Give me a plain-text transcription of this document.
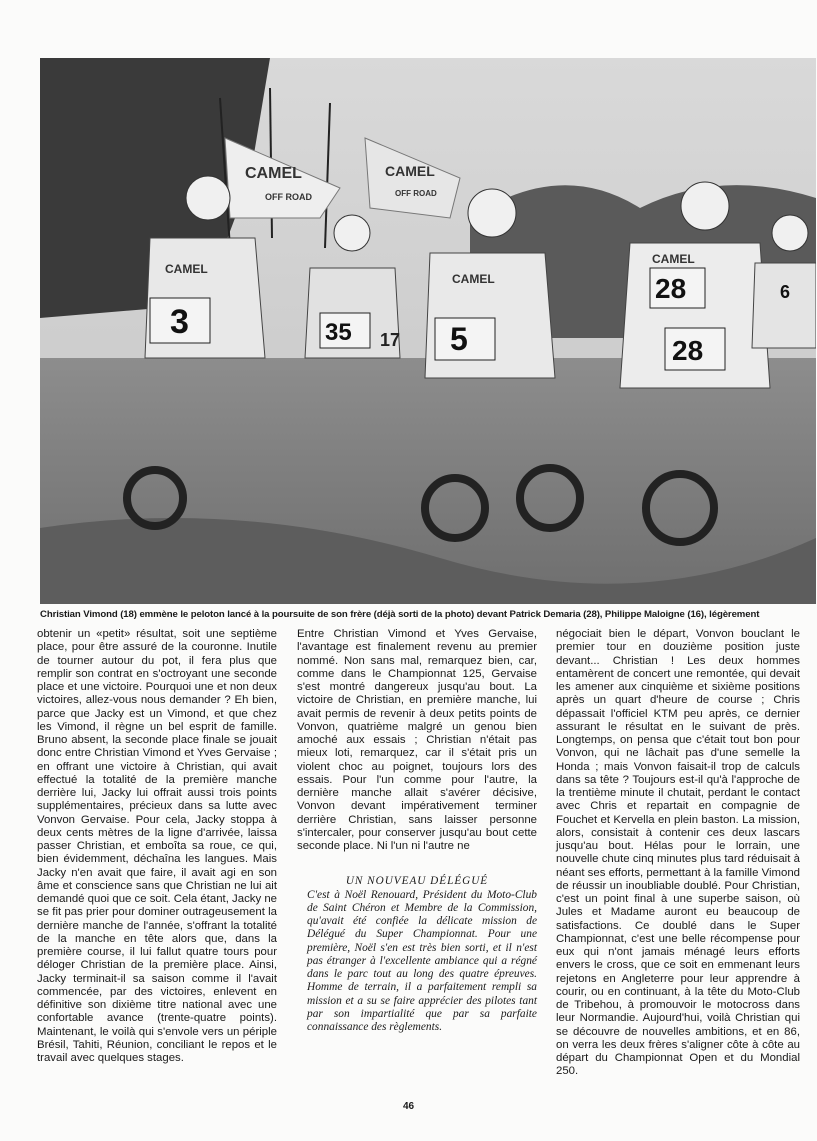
CAMEL
OFF ROAD
CAMEL
OFF ROAD
3	35 17 5
28
28
6
CAMEL
CAMEL
CAMEL
Christian Vimond (18) emmène le peloton lancé à la poursuite de son frère (déjà sorti de la photo) devant Patrick Demaria (28), Philippe Maloigne (16), légèrement

obtenir un «petit» résultat, soit une septième place, pour être assuré de la couronne. Inutile de tourner autour du pot, il fera plus que remplir son contrat en s'octroyant une seconde place et une victoire. Pourquoi une et non deux victoires, allez-vous nous demander ? Eh bien, parce que Jacky est un Vimond, et que chez les Vimond, il règne un bel esprit de famille. Bruno absent, la seconde place finale se jouait donc entre Christian Vimond et Yves Gervaise ; en offrant une victoire à Christian, qui avait effectué la totalité de la première manche derrière lui, Jacky lui offrait aussi trois points supplémentaires, précieux dans sa lutte avec Vonvon Gervaise. Pour cela, Jacky stoppa à deux cents mètres de la ligne d'arrivée, laissa passer Christian, et emboîta sa roue, ce qui, bien évidemment, déchaîna les langues. Mais Jacky n'en avait que faire, il avait agi en son âme et conscience sans que Christian ne lui ait demandé quoi que ce soit. Cela étant, Jacky ne se fit pas prier pour dominer outrageusement la dernière manche de l'année, s'offrant la totalité de la manche en tête alors que, dans la première course, il lui fallut quatre tours pour déloger Christian de la première place. Ainsi, Jacky terminait-il sa saison comme il l'avait commencée, par des victoires, enlevent en définitive son dixième titre national avec une confortable avance (trente-quatre points). Maintenant, le voilà qui s'envole vers un périple Brésil, Tahiti, Réunion, conciliant le repos et le travail avec quelques stages.

Entre Christian Vimond et Yves Gervaise, l'avantage est finalement revenu au premier nommé. Non sans mal, remarquez bien, car, comme dans le Championnat 125, Gervaise s'est montré dangereux jusqu'au bout. La victoire de Christian, en première manche, lui avait permis de revenir à deux petits points de Vonvon, quatrième malgré un genou bien amoché aux essais ; Christian n'était pas mieux loti, remarquez, car il s'était pris un violent choc au poignet, toujours lors des essais. Pour l'un comme pour l'autre, la dernière manche allait s'avérer décisive, Vonvon devant impérativement terminer derrière Christian, sans laisser personne s'intercaler, pour conserver jusqu'au bout cette seconde place. Ni l'un ni l'autre ne

UN NOUVEAU DÉLÉGUÉ

C'est à Noël Renouard, Président du Moto-Club de Saint Chéron et Membre de la Commission, qu'avait été confiée la délicate mission de Délégué du Super Championnat. Pour une première, Noël s'en est très bien sorti, et il n'est pas étranger à l'excellente ambiance qui a régné dans le parc tout au long des quatre épreuves. Homme de terrain, il a parfaitement rempli sa mission et a su se faire apprécier des pilotes tant par son impartialité que par sa parfaite connaissance des règlements.

négociait bien le départ, Vonvon bouclant le premier tour en douzième position juste devant... Christian ! Les deux hommes entamèrent de concert une remontée, qui devait les amener aux cinquième et sixième positions après un quart d'heure de course ; Chris dépassait l'officiel KTM peu après, ce dernier assurant le résultat en le suivant de près. Longtemps, on pensa que c'était tout bon pour Vonvon, qui ne lâchait pas d'une semelle la Honda ; mais Vonvon faisait-il trop de calculs dans sa tête ? Toujours est-il qu'à l'approche de la trentième minute il chutait, perdant le contact avec Chris et repartait en compagnie de Fouchet et Kervella en plein baston. La mission, alors, consistait à contenir ces deux lascars jusqu'au bout. Hélas pour le lorrain, une nouvelle chute cinq minutes plus tard réduisait à néant ses efforts, permettant à la famille Vimond de réussir un inoubliable doublé. Pour Christian, c'est un point final à une superbe saison, où Jules et Madame auront eu beaucoup de satisfactions. Ce doublé dans le Super Championnat, c'est une belle récompense pour eux qui n'ont jamais ménagé leurs efforts envers le cross, que ce soit en emmenant leurs rejetons en Angleterre pour leur apprendre à courir, ou en continuant, à la tête du Moto-Club de Tribehou, à promouvoir le motocross dans leur Normandie. Aujourd'hui, voilà Christian qui se découvre de nouvelles ambitions, et en 86, on verra les deux frères s'aligner côte à côte au départ du Championnat Open et du Mondial 250.

46
